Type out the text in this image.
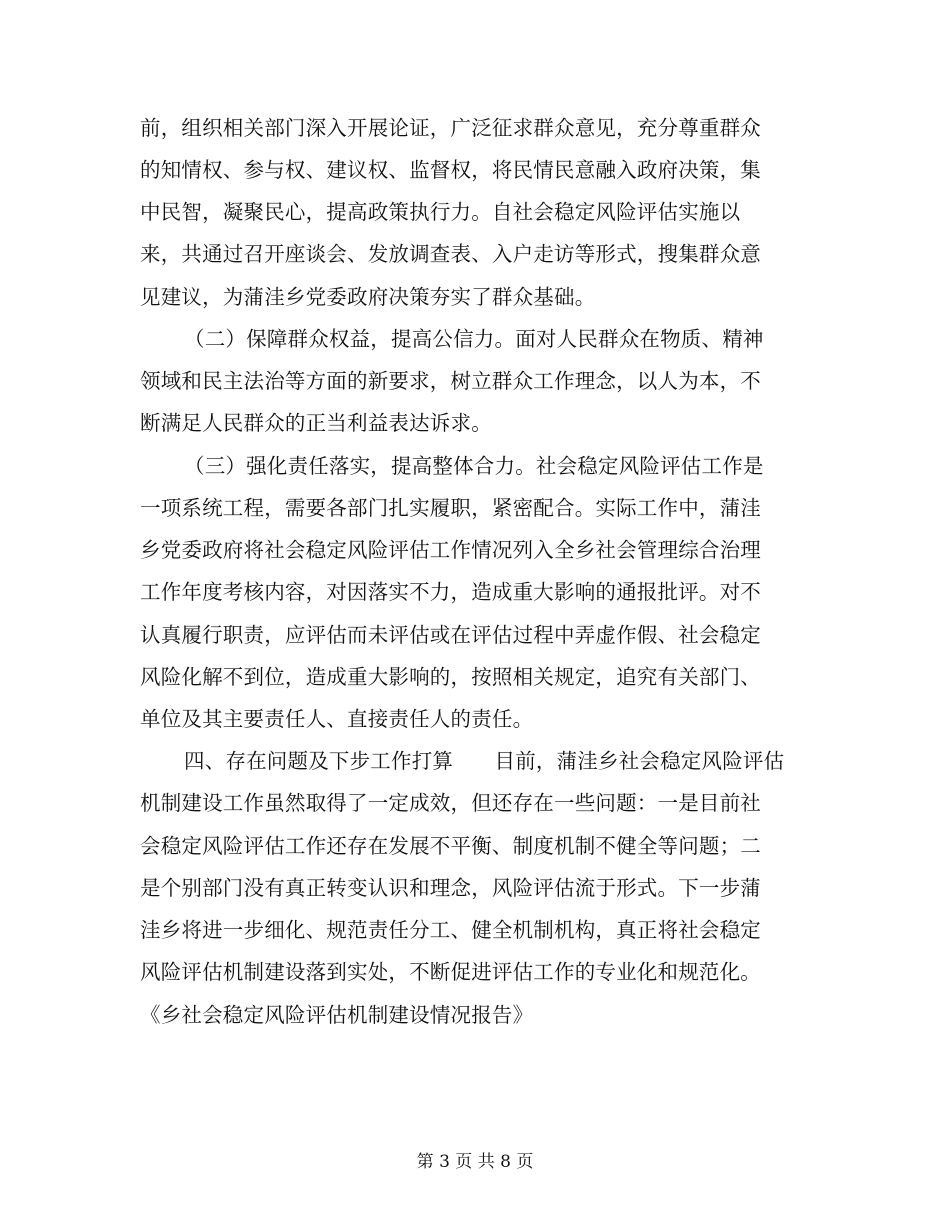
前，组织相关部门深入开展论证，广泛征求群众意见，充分尊重群众
的知情权、参与权、建议权、监督权，将民情民意融入政府决策，集
中民智，凝聚民心，提高政策执行力。自社会稳定风险评估实施以
来，共通过召开座谈会、发放调查表、入户走访等形式，搜集群众意
见建议，为蒲洼乡党委政府决策夯实了群众基础。
（二）保障群众权益，提高公信力。面对人民群众在物质、精神
领域和民主法治等方面的新要求，树立群众工作理念，以人为本，不
断满足人民群众的正当利益表达诉求。
（三）强化责任落实，提高整体合力。社会稳定风险评估工作是
一项系统工程，需要各部门扎实履职，紧密配合。实际工作中，蒲洼
乡党委政府将社会稳定风险评估工作情况列入全乡社会管理综合治理
工作年度考核内容，对因落实不力，造成重大影响的通报批评。对不
认真履行职责，应评估而未评估或在评估过程中弄虚作假、社会稳定
风险化解不到位，造成重大影响的，按照相关规定，追究有关部门、
单位及其主要责任人、直接责任人的责任。
四、存在问题及下步工作打算　　目前，蒲洼乡社会稳定风险评估
机制建设工作虽然取得了一定成效，但还存在一些问题：一是目前社
会稳定风险评估工作还存在发展不平衡、制度机制不健全等问题；二
是个别部门没有真正转变认识和理念，风险评估流于形式。下一步蒲
洼乡将进一步细化、规范责任分工、健全机制机构，真正将社会稳定
风险评估机制建设落到实处，不断促进评估工作的专业化和规范化。
《乡社会稳定风险评估机制建设情况报告》
第 3 页 共 8 页
